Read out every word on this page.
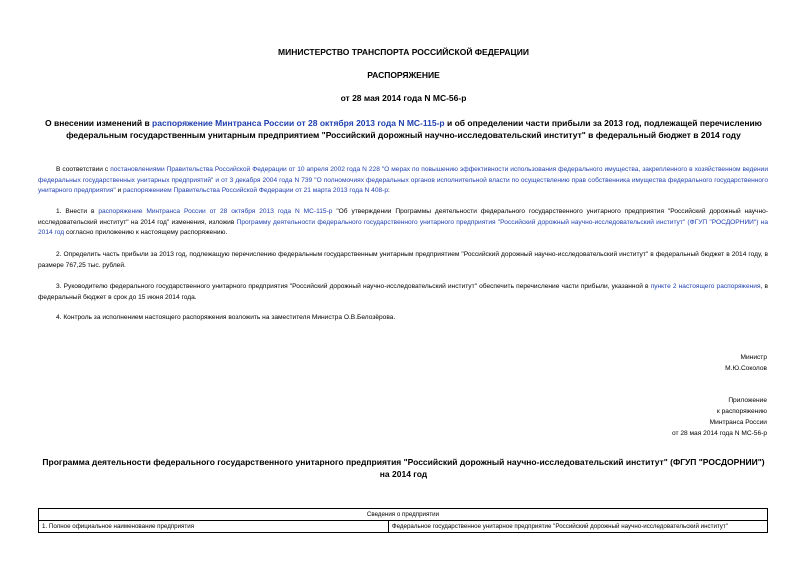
МИНИСТЕРСТВО ТРАНСПОРТА РОССИЙСКОЙ ФЕДЕРАЦИИ
РАСПОРЯЖЕНИЕ
от 28 мая 2014 года N МС-56-р
О внесении изменений в распоряжение Минтранса России от 28 октября 2013 года N МС-115-р и об определении части прибыли за 2013 год, подлежащей перечислению федеральным государственным унитарным предприятием "Российский дорожный научно-исследовательский институт" в федеральный бюджет в 2014 году
В соответствии с постановлениями Правительства Российской Федерации от 10 апреля 2002 года N 228 "О мерах по повышению эффективности использования федерального имущества, закрепленного в хозяйственном ведении федеральных государственных унитарных предприятий" и от 3 декабря 2004 года N 739 "О полномочиях федеральных органов исполнительной власти по осуществлению прав собственника имущества федерального государственного унитарного предприятия" и распоряжением Правительства Российской Федерации от 21 марта 2013 года N 408-р:
1. Внести в распоряжение Минтранса России от 28 октября 2013 года N МС-115-р "Об утверждении Программы деятельности федерального государственного унитарного предприятия "Российский дорожный научно-исследовательский институт" на 2014 год" изменения, изложив Программу деятельности федерального государственного унитарного предприятия "Российский дорожный научно-исследовательский институт" (ФГУП "РОСДОРНИИ") на 2014 год согласно приложению к настоящему распоряжению.
2. Определить часть прибыли за 2013 год, подлежащую перечислению федеральным государственным унитарным предприятием "Российский дорожный научно-исследовательский институт" в федеральный бюджет в 2014 году, в размере 767,25 тыс. рублей.
3. Руководителю федерального государственного унитарного предприятия "Российский дорожный научно-исследовательский институт" обеспечить перечисление части прибыли, указанной в пункте 2 настоящего распоряжения, в федеральный бюджет в срок до 15 июня 2014 года.
4. Контроль за исполнением настоящего распоряжения возложить на заместителя Министра О.В.Белозёрова.
Министр
М.Ю.Соколов
Приложение
к распоряжению
Минтранса России
от 28 мая 2014 года N МС-56-р
Программа деятельности федерального государственного унитарного предприятия "Российский дорожный научно-исследовательский институт" (ФГУП "РОСДОРНИИ") на 2014 год
Сведения о предприятии
1. Полное официальное наименование предприятия	Федеральное государственное унитарное предприятие "Российский дорожный научно-исследовательский институт"
